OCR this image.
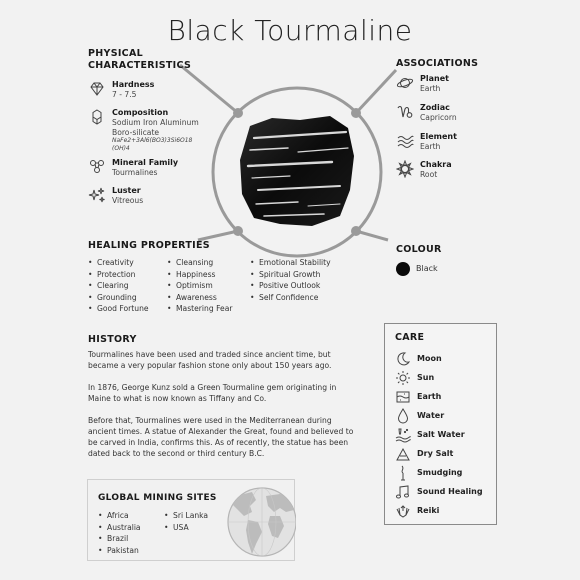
Black Tourmaline
PHYSICAL
CHARACTERISTICS
Hardness
7 - 7.5
Composition
Sodium Iron Aluminum
Boro-silicate
NaFe2+3Al6(BO3)3Si6O18
(OH)4
Mineral Family
Tourmalines
Luster
Vitreous
ASSOCIATIONS
Planet
Earth
Zodiac
Capricorn
Element
Earth
Chakra
Root
HEALING PROPERTIES
• Creativity
• Protection
• Clearing
• Grounding
• Good Fortune
• Cleansing
• Happiness
• Optimism
• Awareness
• Mastering Fear
• Emotional Stability
• Spiritual Growth
• Positive Outlook
• Self Confidence
COLOUR
Black
HISTORY
Tourmalines have been used and traded since ancient time, but became a very popular fashion stone only about 150 years ago.
In 1876, George Kunz sold a Green Tourmaline gem originating in Maine to what is now known as Tiffany and Co.
Before that, Tourmalines were used in the Mediterranean during ancient times. A statue of Alexander the Great, found and believed to be carved in India, confirms this. As of recently, the statue has been dated back to the second or third century B.C.
CARE
Moon
Sun
Earth
Water
Salt Water
Dry Salt
Smudging
Sound Healing
Reiki
GLOBAL MINING SITES
• Africa
• Australia
• Brazil
• Pakistan
• Sri Lanka
• USA
